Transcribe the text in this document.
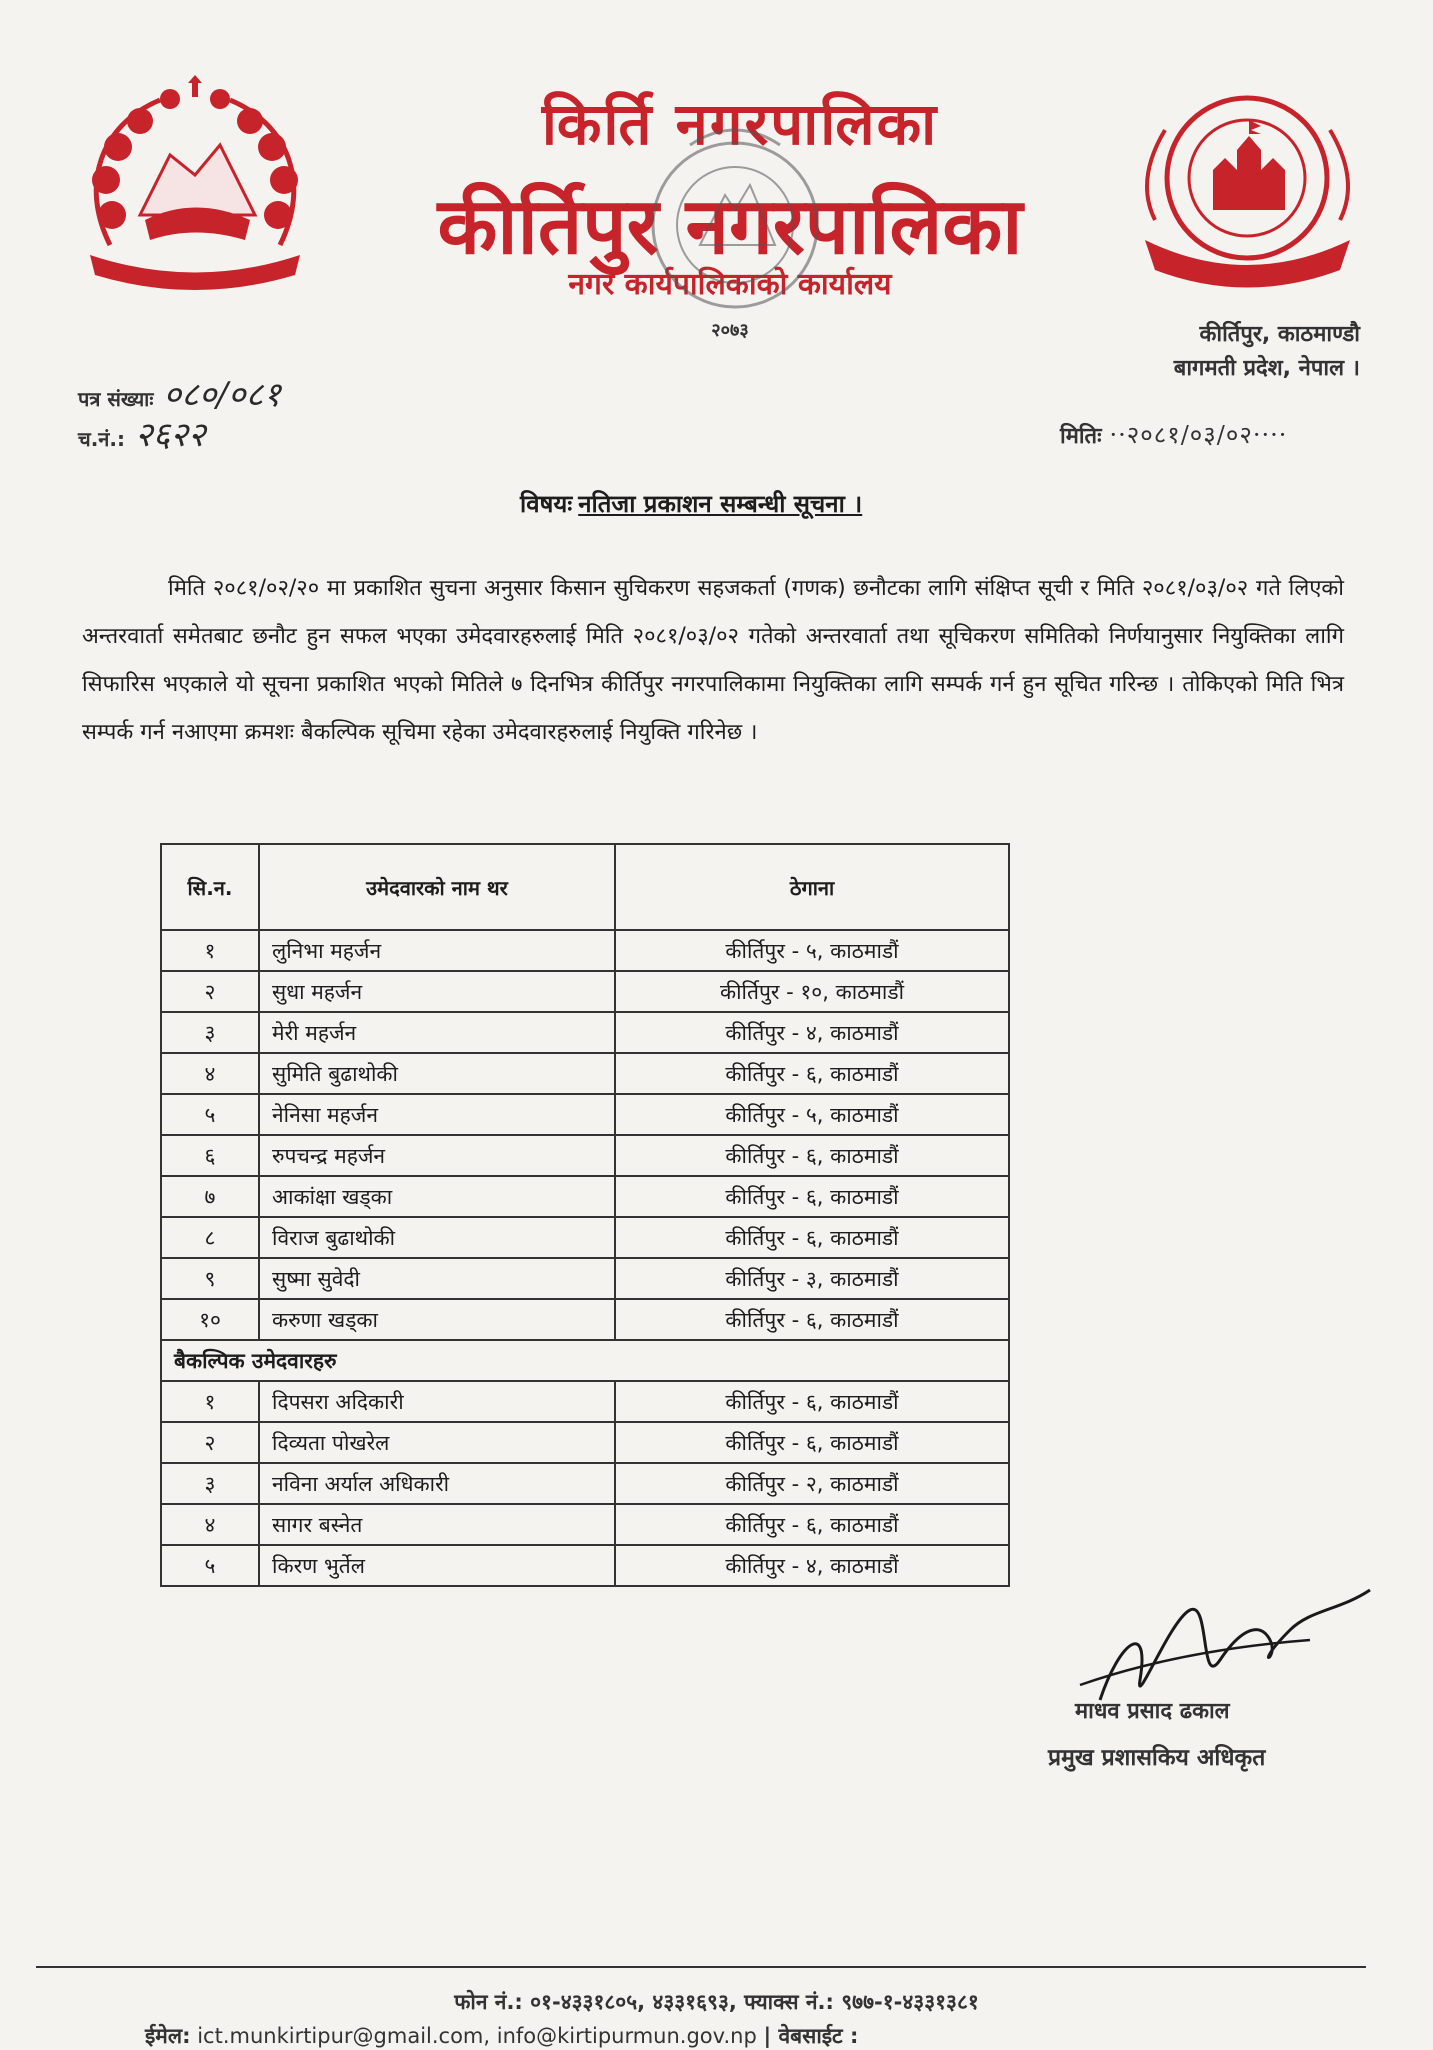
किर्ति नगरपालिका
कीर्तिपुर नगरपालिका
नगर कार्यपालिकाको कार्यालय
२०७३	कीर्तिपुर, काठमाण्डौ
बागमती प्रदेश, नेपाल ।
पत्र संख्याः ०८०/०८१
च.नं.: २६२२	मितिः ··२०८१/०३/०२····
विषयः नतिजा प्रकाशन सम्बन्धी सूचना ।
मिति २०८१/०२/२० मा प्रकाशित सुचना अनुसार किसान सुचिकरण सहजकर्ता (गणक) छनौटका लागि संक्षिप्त सूची र मिति २०८१/०३/०२ गते लिएको अन्तरवार्ता समेतबाट छनौट हुन सफल भएका उमेदवारहरुलाई मिति २०८१/०३/०२ गतेको अन्तरवार्ता तथा सूचिकरण समितिको निर्णयानुसार नियुक्तिका लागि सिफारिस भएकाले यो सूचना प्रकाशित भएको मितिले ७ दिनभित्र कीर्तिपुर नगरपालिकामा नियुक्तिका लागि सम्पर्क गर्न हुन सूचित गरिन्छ । तोकिएको मिति भित्र सम्पर्क गर्न नआएमा क्रमशः बैकल्पिक सूचिमा रहेका उमेदवारहरुलाई नियुक्ति गरिनेछ ।
सि.न.	उमेदवारको नाम थर	ठेगाना
१	लुनिभा महर्जन	कीर्तिपुर - ५, काठमाडौं
२	सुधा महर्जन	कीर्तिपुर - १०, काठमाडौं
३	मेरी महर्जन	कीर्तिपुर - ४, काठमाडौं
४	सुमिति बुढाथोकी	कीर्तिपुर - ६, काठमाडौं
५	नेनिसा महर्जन	कीर्तिपुर - ५, काठमाडौं
६	रुपचन्द्र महर्जन	कीर्तिपुर - ६, काठमाडौं
७	आकांक्षा खड्का	कीर्तिपुर - ६, काठमाडौं
८	विराज बुढाथोकी	कीर्तिपुर - ६, काठमाडौं
९	सुष्मा सुवेदी	कीर्तिपुर - ३, काठमाडौं
१०	करुणा खड्का	कीर्तिपुर - ६, काठमाडौं
बैकल्पिक उमेदवारहरु		
१	दिपसरा अदिकारी	कीर्तिपुर - ६, काठमाडौं
२	दिव्यता पोखरेल	कीर्तिपुर - ६, काठमाडौं
३	नविना अर्याल अधिकारी	कीर्तिपुर - २, काठमाडौं
४	सागर बस्नेत	कीर्तिपुर - ६, काठमाडौं
५	किरण भुर्तेल	कीर्तिपुर - ४, काठमाडौं
माधव प्रसाद ढकाल
प्रमुख प्रशासकिय अधिकृत
फोन नं.: ०१-४३३१८०५, ४३३१६९३, फ्याक्स नं.: ९७७-१-४३३१३८१
ईमेल: ict.munkirtipur@gmail.com, info@kirtipurmun.gov.np | वेबसाईट :
